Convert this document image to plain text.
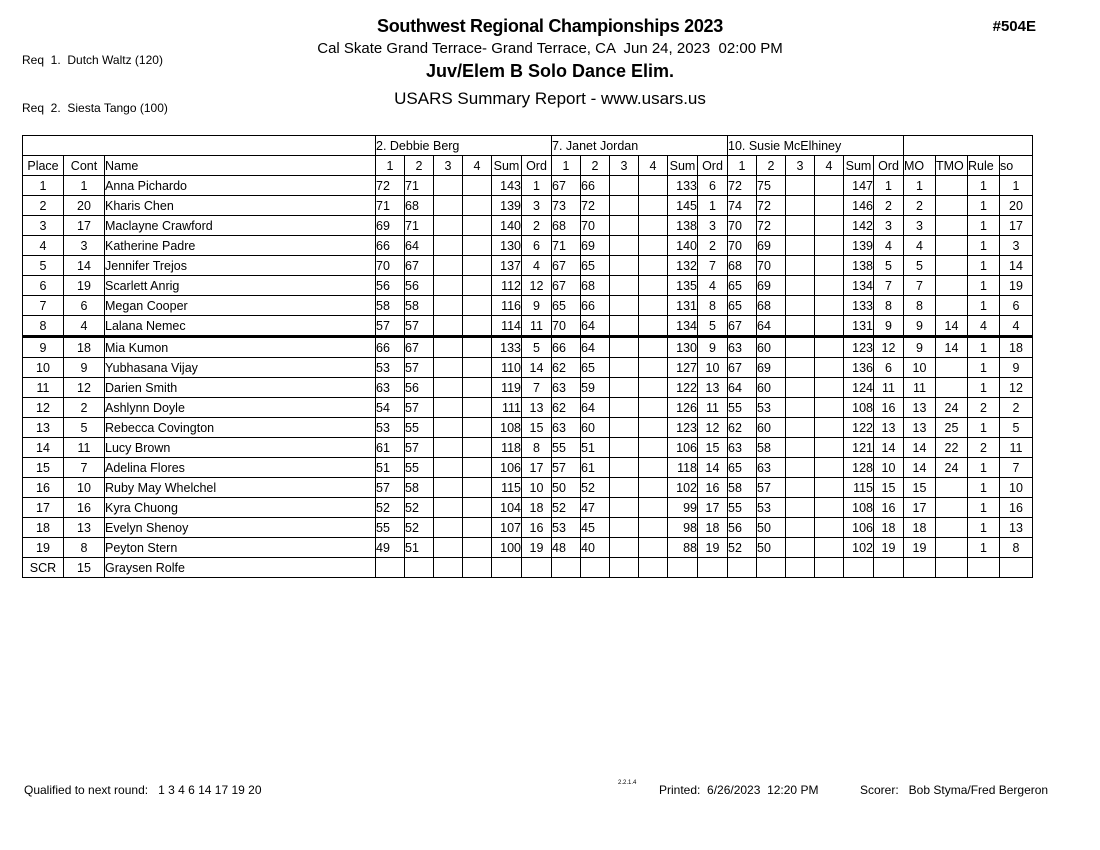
Req  1.  Dutch Waltz (120)

Req  2.  Siesta Tango (100)

Southwest Regional Championships 2023
Cal Skate Grand Terrace- Grand Terrace, CA  Jun 24, 2023  02:00 PM
Juv/Elem B Solo Dance Elim.
USARS Summary Report - www.usars.us
#504E
			2. Debbie Berg						7. Janet Jordan						10. Susie McElhiney									
Place	Cont	Name	1	2	3	4	Sum	Ord	1	2	3	4	Sum	Ord	1	2	3	4	Sum	Ord	MO	TMO	Rule	so
1	1	Anna Pichardo	72	71			143	1	67	66			133	6	72	75			147	1	1		1	1
2	20	Kharis Chen	71	68			139	3	73	72			145	1	74	72			146	2	2		1	20
3	17	Maclayne Crawford	69	71			140	2	68	70			138	3	70	72			142	3	3		1	17
4	3	Katherine Padre	66	64			130	6	71	69			140	2	70	69			139	4	4		1	3
5	14	Jennifer Trejos	70	67			137	4	67	65			132	7	68	70			138	5	5		1	14
6	19	Scarlett Anrig	56	56			112	12	67	68			135	4	65	69			134	7	7		1	19
7	6	Megan Cooper	58	58			116	9	65	66			131	8	65	68			133	8	8		1	6
8	4	Lalana Nemec	57	57			114	11	70	64			134	5	67	64			131	9	9	14	4	4
9	18	Mia Kumon	66	67			133	5	66	64			130	9	63	60			123	12	9	14	1	18
10	9	Yubhasana Vijay	53	57			110	14	62	65			127	10	67	69			136	6	10		1	9
11	12	Darien Smith	63	56			119	7	63	59			122	13	64	60			124	11	11		1	12
12	2	Ashlynn Doyle	54	57			111	13	62	64			126	11	55	53			108	16	13	24	2	2
13	5	Rebecca Covington	53	55			108	15	63	60			123	12	62	60			122	13	13	25	1	5
14	11	Lucy Brown	61	57			118	8	55	51			106	15	63	58			121	14	14	22	2	11
15	7	Adelina Flores	51	55			106	17	57	61			118	14	65	63			128	10	14	24	1	7
16	10	Ruby May Whelchel	57	58			115	10	50	52			102	16	58	57			115	15	15		1	10
17	16	Kyra Chuong	52	52			104	18	52	47			99	17	55	53			108	16	17		1	16
18	13	Evelyn Shenoy	55	52			107	16	53	45			98	18	56	50			106	18	18		1	13
19	8	Peyton Stern	49	51			100	19	48	40			88	19	52	50			102	19	19		1	8
SCR	15	Graysen Rolfe																						
Qualified to next round:   1 3 4 6 14 17 19 20	2.2.1.4 Printed:  6/26/2023  12:20 PM	Scorer:   Bob Styma/Fred Bergeron
